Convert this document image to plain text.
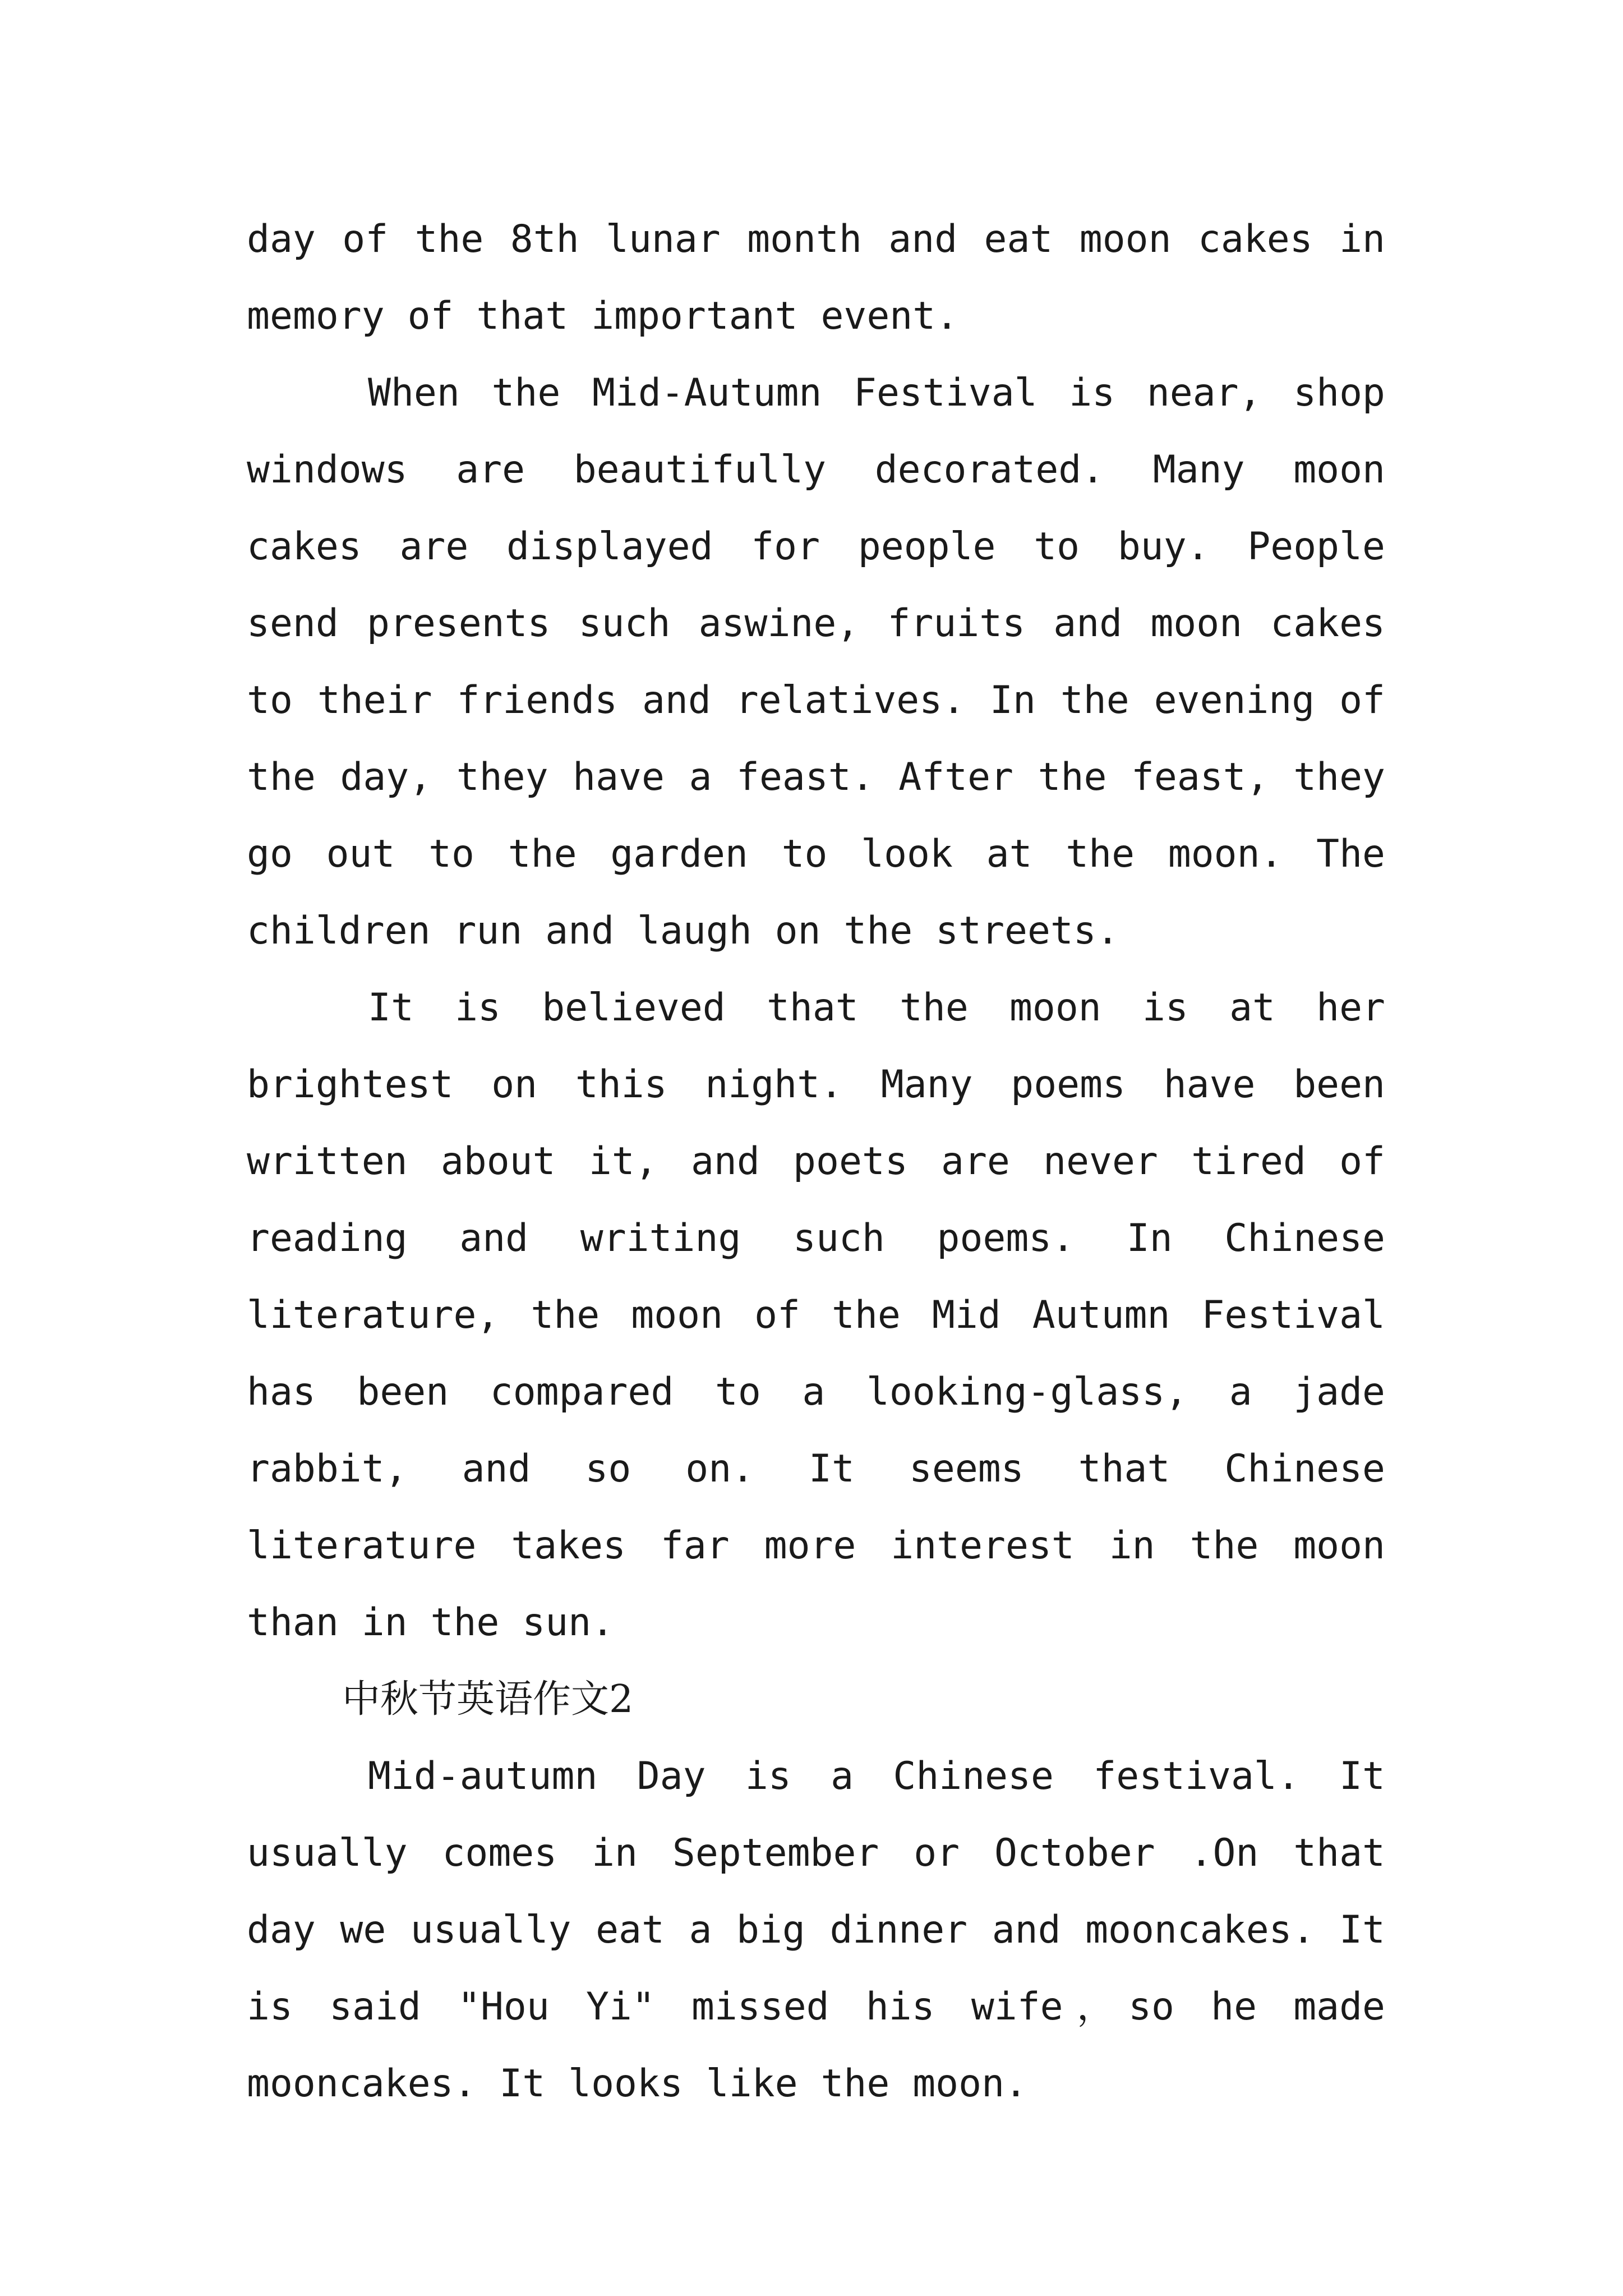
day of the 8th lunar month and eat moon cakes in memory of that important event.

When the Mid-Autumn Festival is near, shop windows are beautifully decorated. Many moon cakes are displayed for people to buy. People send presents such aswine, fruits and moon cakes to their friends and relatives. In the evening of the day, they have a feast. After the feast, they go out to the garden to look at the moon. The children run and laugh on the streets.

It is believed that the moon is at her brightest on this night. Many poems have been written about it, and poets are never tired of reading and writing such poems. In Chinese literature, the moon of the Mid Autumn Festival has been compared to a looking-glass, a jade rabbit, and so on. It seems that Chinese literature takes far more interest in the moon than in the sun.

中秋节英语作文2

Mid-autumn Day is a Chinese festival. It usually comes in September or October .On that day we usually eat a big dinner and mooncakes. It is said "Hou Yi" missed his wife，so he made mooncakes. It looks like the moon.
